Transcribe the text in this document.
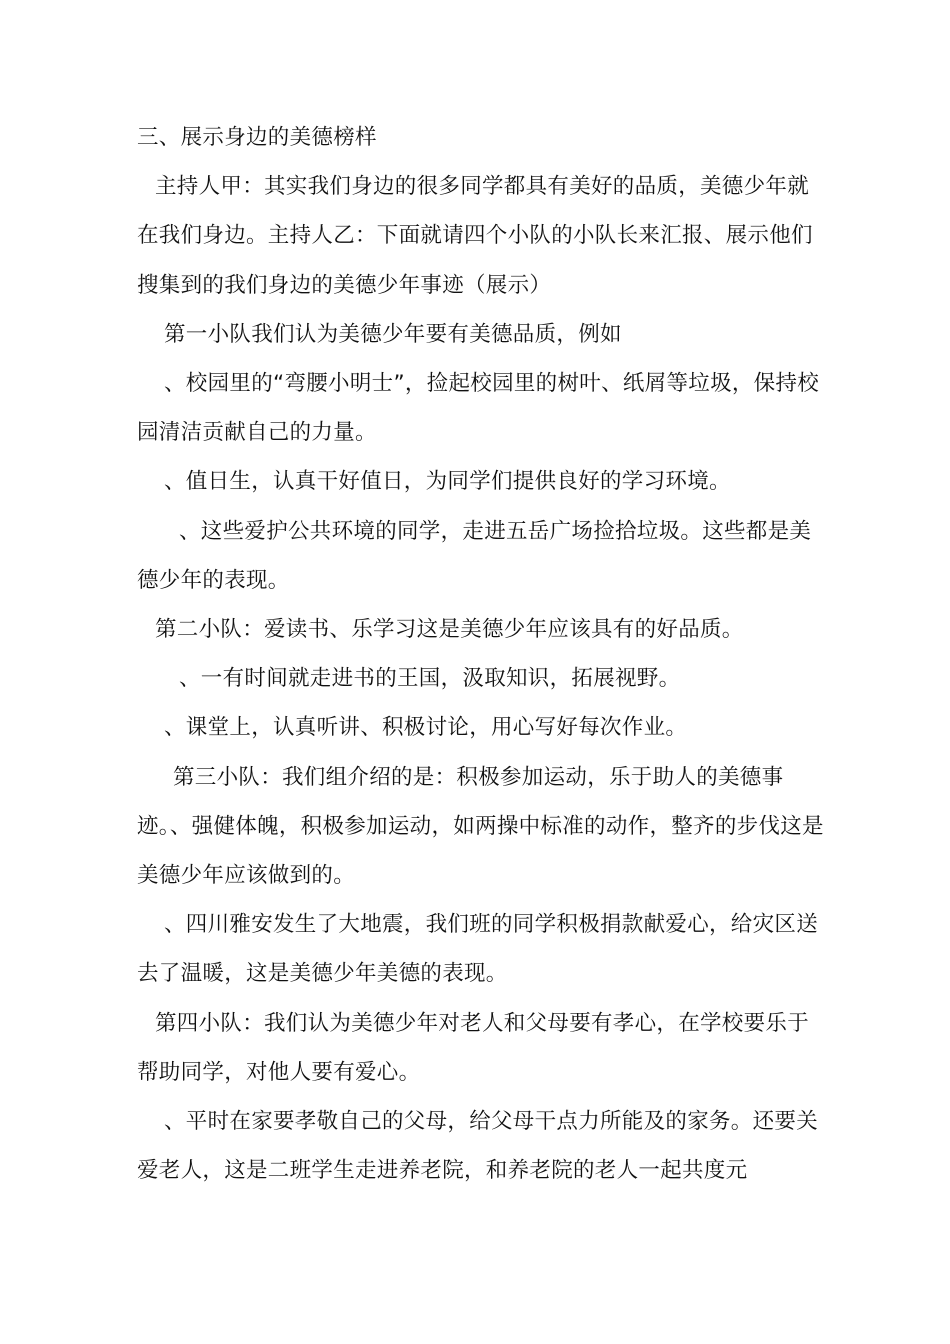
三、展示身边的美德榜样

主持人甲：其实我们身边的很多同学都具有美好的品质，美德少年就在我们身边。主持人乙：下面就请四个小队的小队长来汇报、展示他们搜集到的我们身边的美德少年事迹（展示）

第一小队我们认为美德少年要有美德品质，例如

、校园里的“弯腰小明士”，捡起校园里的树叶、纸屑等垃圾，保持校园清洁贡献自己的力量。

、值日生，认真干好值日，为同学们提供良好的学习环境。

、这些爱护公共环境的同学，走进五岳广场捡拾垃圾。这些都是美德少年的表现。

第二小队：爱读书、乐学习这是美德少年应该具有的好品质。

、一有时间就走进书的王国，汲取知识，拓展视野。

、课堂上，认真听讲、积极讨论，用心写好每次作业。

第三小队：我们组介绍的是：积极参加运动，乐于助人的美德事迹。、强健体魄，积极参加运动，如两操中标准的动作，整齐的步伐这是美德少年应该做到的。

、四川雅安发生了大地震，我们班的同学积极捐款献爱心，给灾区送去了温暖，这是美德少年美德的表现。

第四小队：我们认为美德少年对老人和父母要有孝心，在学校要乐于帮助同学，对他人要有爱心。

、平时在家要孝敬自己的父母，给父母干点力所能及的家务。还要关爱老人，这是二班学生走进养老院，和养老院的老人一起共度元
